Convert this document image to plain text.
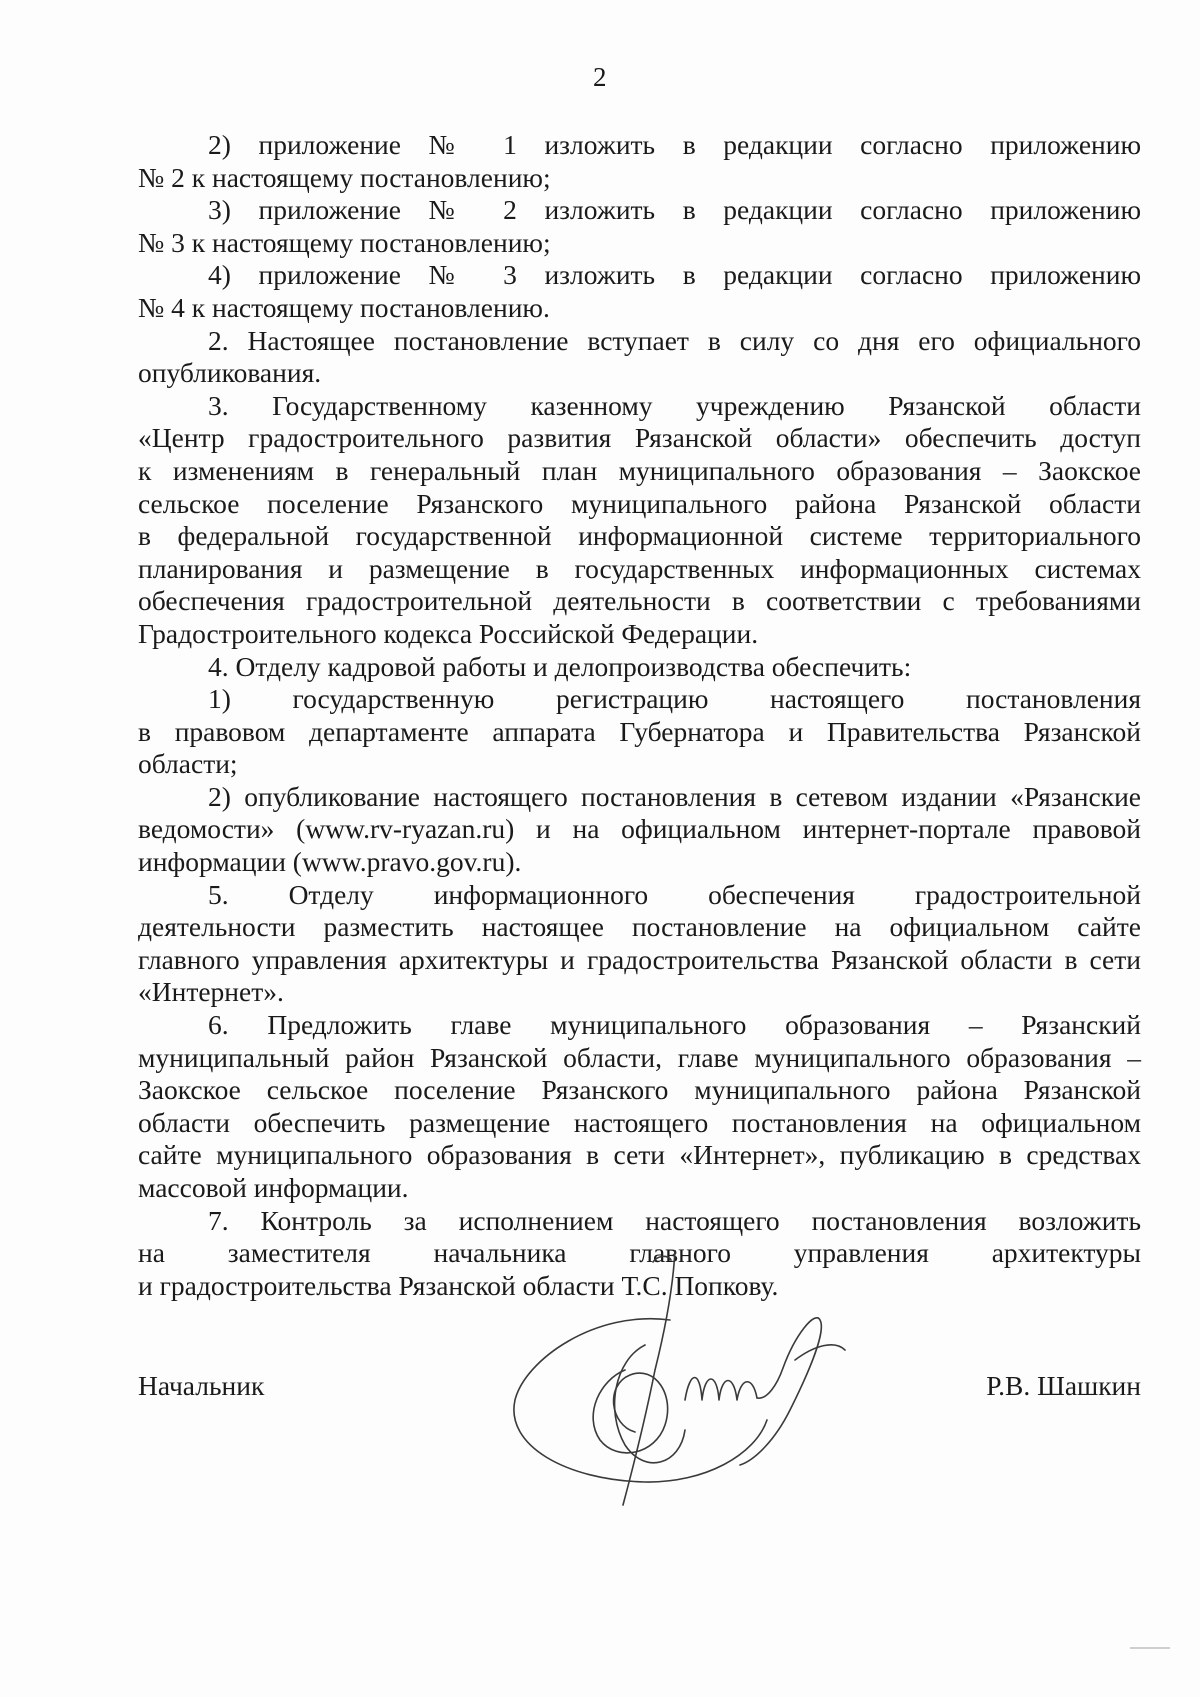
2
2) приложение № 1 изложить в редакции согласно приложению
№ 2 к настоящему постановлению;
3) приложение № 2 изложить в редакции согласно приложению
№ 3 к настоящему постановлению;
4) приложение № 3 изложить в редакции согласно приложению
№ 4 к настоящему постановлению.
2. Настоящее постановление вступает в силу со дня его официального
опубликования.
3. Государственному казенному учреждению Рязанской области
«Центр градостроительного развития Рязанской области» обеспечить доступ
к изменениям в генеральный план муниципального образования – Заокское
сельское поселение Рязанского муниципального района Рязанской области
в федеральной государственной информационной системе территориального
планирования и размещение в государственных информационных системах
обеспечения градостроительной деятельности в соответствии с требованиями
Градостроительного кодекса Российской Федерации.
4. Отделу кадровой работы и делопроизводства обеспечить:
1) государственную регистрацию настоящего постановления
в правовом департаменте аппарата Губернатора и Правительства Рязанской
области;
2) опубликование настоящего постановления в сетевом издании «Рязанские
ведомости» (www.rv-ryazan.ru) и на официальном интернет-портале правовой
информации (www.pravo.gov.ru).
5. Отделу информационного обеспечения градостроительной
деятельности разместить настоящее постановление на официальном сайте
главного управления архитектуры и градостроительства Рязанской области в сети
«Интернет».
6. Предложить главе муниципального образования – Рязанский
муниципальный район Рязанской области, главе муниципального образования –
Заокское сельское поселение Рязанского муниципального района Рязанской
области обеспечить размещение настоящего постановления на официальном
сайте муниципального образования в сети «Интернет», публикацию в средствах
массовой информации.
7. Контроль за исполнением настоящего постановления возложить
на заместителя начальника главного управления архитектуры
и градостроительства Рязанской области Т.С. Попкову.
Начальник	Р.В. Шашкин
